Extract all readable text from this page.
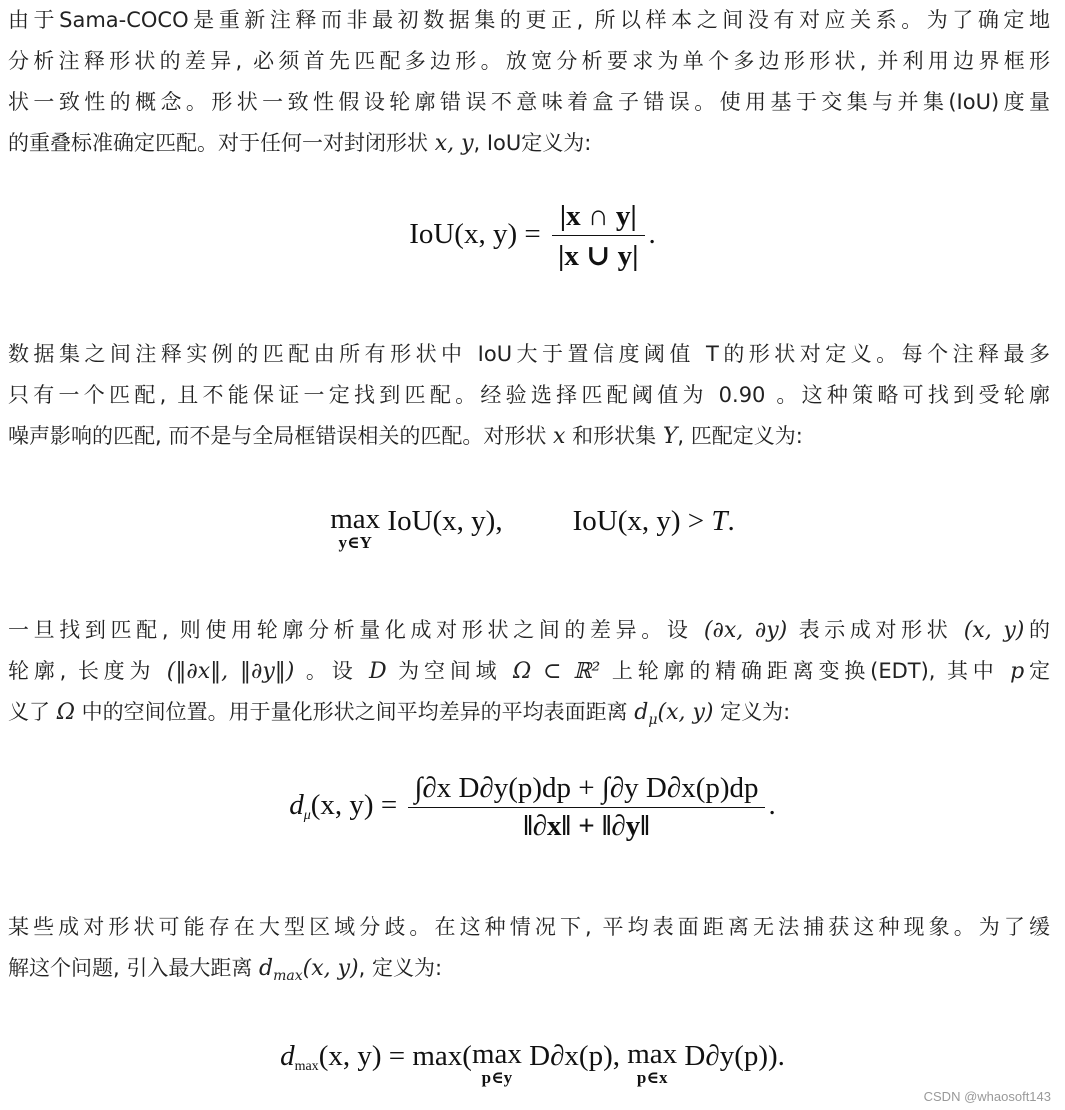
由于Sama-COCO是重新注释而非最初数据集的更正, 所以样本之间没有对应关系。为了确定地
分析注释形状的差异, 必须首先匹配多边形。放宽分析要求为单个多边形形状, 并利用边界框形
状一致性的概念。形状一致性假设轮廓错误不意味着盒子错误。使用基于交集与并集(IoU)度量
的重叠标准确定匹配。对于任何一对封闭形状 x, y, IoU定义为:
IoU(x, $y) = \frac{|x \cap y|}{|x \cup y|}$ .
数据集之间注释实例的匹配由所有形状中 IoU大于置信度阈值 T的形状对定义。每个注释最多
只有一个匹配, 且不能保证一定找到匹配。经验选择匹配阈值为 0.90 。这种策略可找到受轮廓
噪声影响的匹配, 而不是与全局框错误相关的匹配。对形状 x 和形状集 Y, 匹配定义为:
max
y∈Y
IoU(x, y), IoU(x, y) > T.
一旦找到匹配, 则使用轮廓分析量化成对形状之间的差异。设 (∂x, ∂y) 表示成对形状 (x, y)的
轮廓, 长度为 (‖∂x‖, ‖∂y‖) 。设 D 为空间域 Ω ⊂ ℝ² 上轮廓的精确距离变换(EDT), 其中 p定
义了 Ω 中的空间位置。用于量化形状之间平均差异的平均表面距离 $d_\mu(x$, y) 定义为:
$d_\mu(x$, $y) = \frac{\text{∫∂x D∂y(p)dp + ∫∂y D∂x(p)dp}}{‖\partial x‖ + ‖\partial y‖}$ .
某些成对形状可能存在大型区域分歧。在这种情况下, 平均表面距离无法捕获这种现象。为了缓
解这个问题, 引入最大距离 $d_{max}(x$, y), 定义为:
$d_{max}(x$, y) = max( max
p∈y
D∂x(p), max
p∈x
D∂y(p)).
CSDN @whaosoft143
